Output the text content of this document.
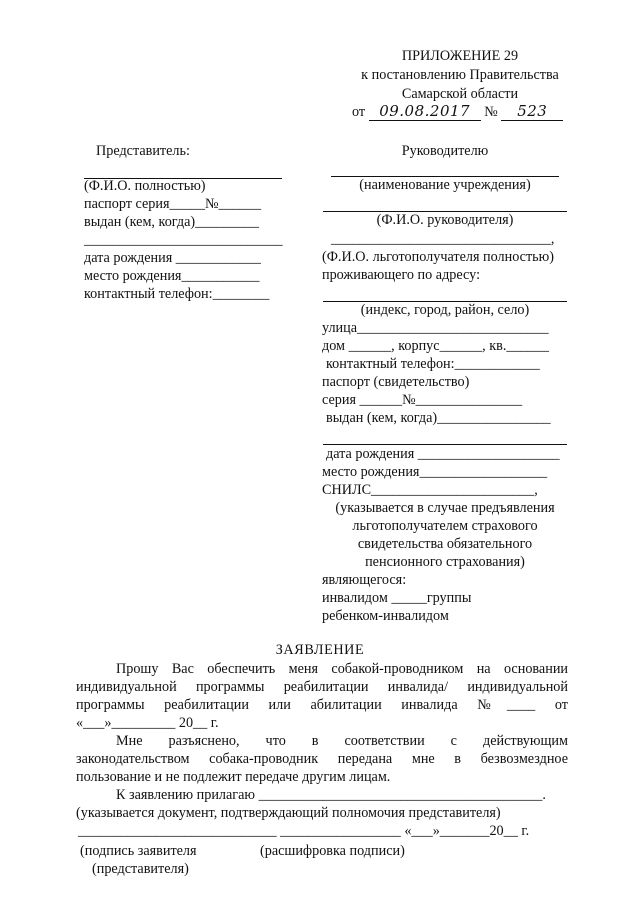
ПРИЛОЖЕНИЕ 29
к постановлению Правительства
Самарской области
от 09.08.2017 № 523
Представитель:
(Ф.И.О. полностью)
паспорт серия_____№______
выдан (кем, когда)_________
____________________________
дата рождения ____________
место рождения___________
контактный телефон:________
Руководителю
(наименование учреждения)
(Ф.И.О. руководителя)
_______________________________,
(Ф.И.О. льготополучателя полностью)
проживающего по адресу:
(индекс, город, район, село)
улица___________________________
дом ______, корпус______, кв.______
контактный телефон:____________
паспорт (свидетельство)
серия ______№_______________
выдан (кем, когда)________________
дата рождения ____________________
место рождения__________________
СНИЛС_______________________,
(указывается в случае предъявления
льготополучателем страхового
свидетельства обязательного
пенсионного страхования)
являющегося:
инвалидом _____группы
ребенком-инвалидом
ЗАЯВЛЕНИЕ
Прошу Вас обеспечить меня собакой-проводником на основании
индивидуальной программы реабилитации инвалида/ индивидуальной
программы реабилитации или абилитации инвалида №____ от
«___»_________ 20__ г.
Мне разъяснено, что в соответствии с действующим
законодательством собака-проводник передана мне в безвозмездное
пользование и не подлежит передаче другим лицам.
К заявлению прилагаю ________________________________________.
(указывается документ, подтверждающий полномочия представителя)
____________________________ _________________ «___»_______20__ г.
(подпись заявителя	(расшифровка подписи)
(представителя)
